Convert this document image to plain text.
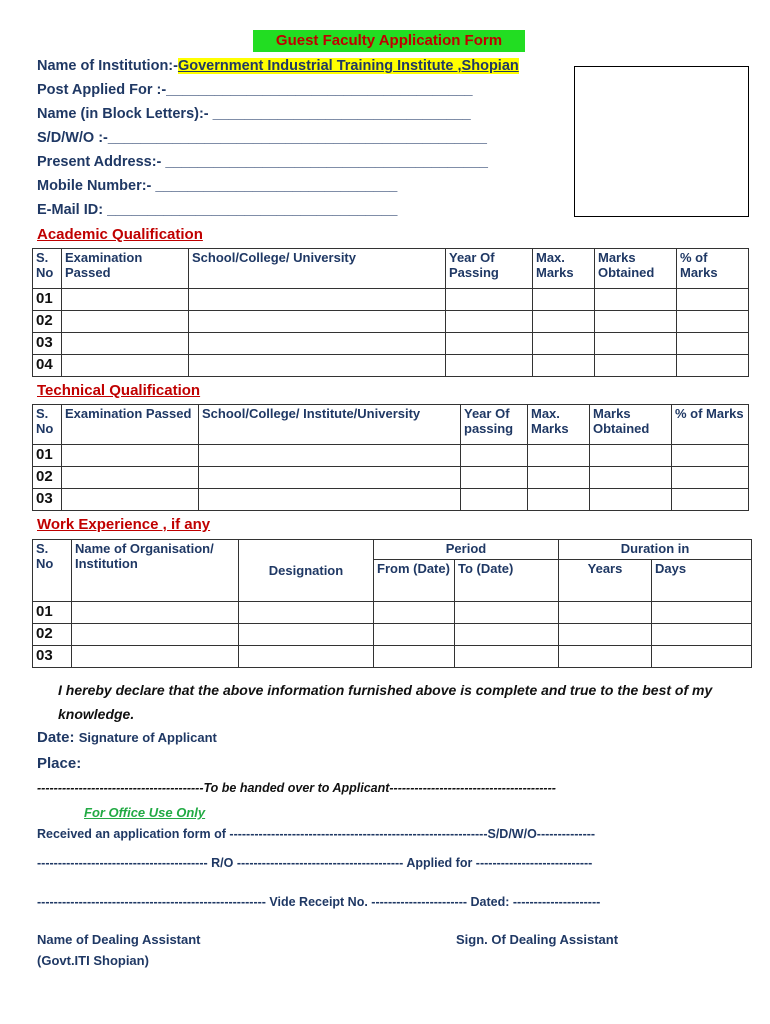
Guest Faculty Application Form
Name of Institution:-Government Industrial Training Institute ,Shopian
Post Applied For :-______________________________________
Name (in Block Letters):- ________________________________
S/D/W/O :-_______________________________________________
Present Address:- ________________________________________
Mobile Number:- ______________________________
E-Mail ID: ____________________________________
Academic Qualification
S. No	Examination Passed	School/College/ University	Year Of Passing	Max. Marks	Marks Obtained	% of Marks
01						
02						
03						
04						
Technical Qualification
S. No	Examination Passed	School/College/ Institute/University	Year Of passing	Max. Marks	Marks Obtained	% of Marks
01						
02						
03						
Work Experience , if any
S. No	Name of Organisation/ Institution	Designation	Period		Duration in	
			From (Date)	To (Date)	Years	Days
01						
02						
03						
I hereby declare that the above information furnished above is complete and true to the best of my knowledge.
Date: Signature of Applicant
Place:
----------------------------------------To be handed over to Applicant----------------------------------------
For Office Use Only
Received an application form of --------------------------------------------------------------S/D/W/O--------------
----------------------------------------- R/O ---------------------------------------- Applied for ----------------------------
------------------------------------------------------- Vide Receipt No. ----------------------- Dated: ---------------------
Name of Dealing Assistant
(Govt.ITI Shopian)
Sign. Of Dealing Assistant
